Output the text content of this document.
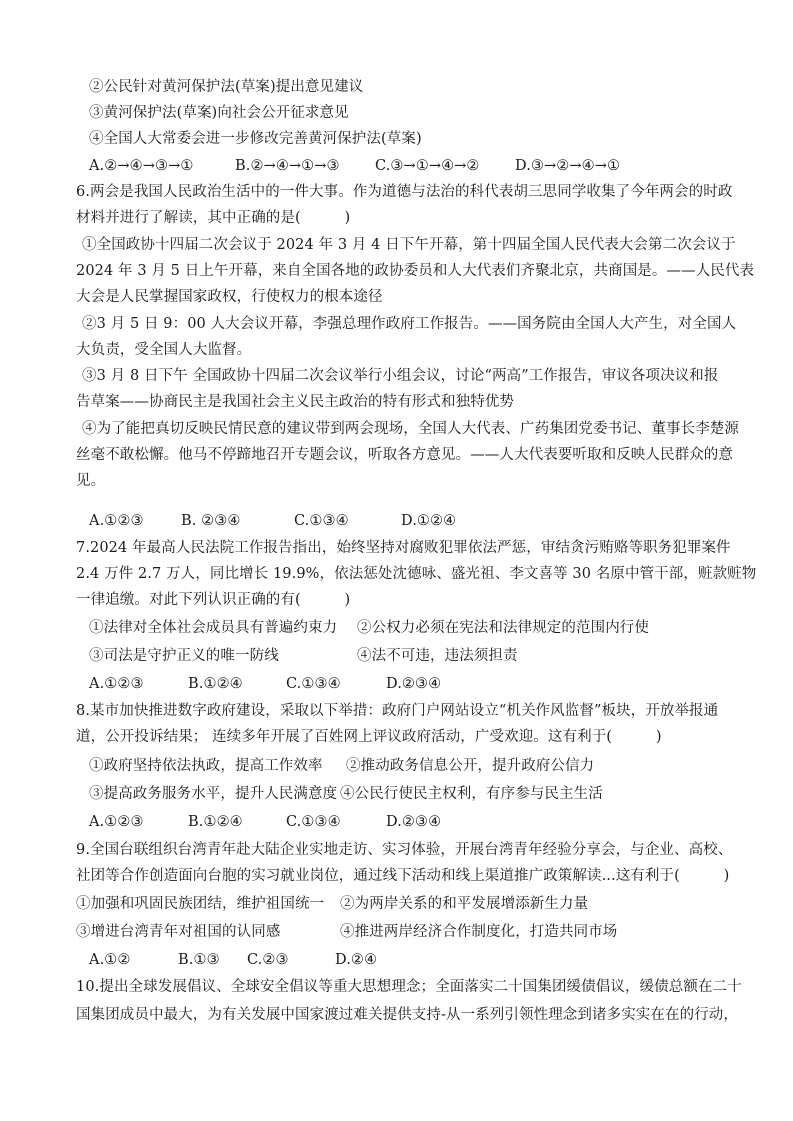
②公民针对黄河保护法(草案)提出意见建议
③黄河保护法(草案)向社会公开征求意见
④全国人大常委会进一步修改完善黄河保护法(草案)
A.②→④→③→①	B.②→④→①→③ C.③→①→④→② D.③→②→④→①
6.两会是我国人民政治生活中的一件大事。作为道德与法治的科代表胡三思同学收集了今年两会的时政
材料并进行了解读，其中正确的是(　　　)
①全国政协十四届二次会议于 2024 年 3 月 4 日下午开幕，第十四届全国人民代表大会第二次会议于
2024 年 3 月 5 日上午开幕，来自全国各地的政协委员和人大代表们齐聚北京，共商国是。——人民代表
大会是人民掌握国家政权，行使权力的根本途径
②3 月 5 日 9：00 人大会议开幕，李强总理作政府工作报告。——国务院由全国人大产生，对全国人
大负责，受全国人大监督。
③3 月 8 日下午 全国政协十四届二次会议举行小组会议，讨论“两高”工作报告，审议各项决议和报
告草案——协商民主是我国社会主义民主政治的特有形式和独特优势
④为了能把真切反映民情民意的建议带到两会现场，全国人大代表、广药集团党委书记、董事长李楚源
丝毫不敢松懈。他马不停蹄地召开专题会议，听取各方意见。——人大代表要听取和反映人民群众的意
见。
A.①②③	B. ②③④	C.①③④	D.①②④
7.2024 年最高人民法院工作报告指出，始终坚持对腐败犯罪依法严惩，审结贪污贿赂等职务犯罪案件
2.4 万件 2.7 万人，同比增长 19.9%，依法惩处沈德咏、盛光祖、李文喜等 30 名原中管干部，赃款赃物
一律追缴。对此下列认识正确的有(　　　)
①法律对全体社会成员具有普遍约束力 ②公权力必须在宪法和法律规定的范围内行使
③司法是守护正义的唯一防线	④法不可违，违法须担责
A.①②③	B.①②④	C.①③④	D.②③④
8.某市加快推进数字政府建设，采取以下举措：政府门户网站设立“机关作风监督”板块，开放举报通
道，公开投诉结果； 连续多年开展了百姓网上评议政府活动，广受欢迎。这有利于(　　　)
①政府坚持依法执政，提高工作效率 ②推动政务信息公开，提升政府公信力
③提高政务服务水平，提升人民满意度 ④公民行使民主权利，有序参与民主生活
A.①②③	B.①②④	C.①③④	D.②③④
9.全国台联组织台湾青年赴大陆企业实地走访、实习体验，开展台湾青年经验分享会，与企业、高校、
社团等合作创造面向台胞的实习就业岗位，通过线下活动和线上渠道推广政策解读...这有利于(　　　)
①加强和巩固民族团结，维护祖国统一 ②为两岸关系的和平发展增添新生力量
③增进台湾青年对祖国的认同感	④推进两岸经济合作制度化，打造共同市场
A.①②	B.①③ C.②③	D.②④
10.提出全球发展倡议、全球安全倡议等重大思想理念；全面落实二十国集团缓债倡议，缓债总额在二十
国集团成员中最大，为有关发展中国家渡过难关提供支持-从一系列引领性理念到诸多实实在在的行动，
